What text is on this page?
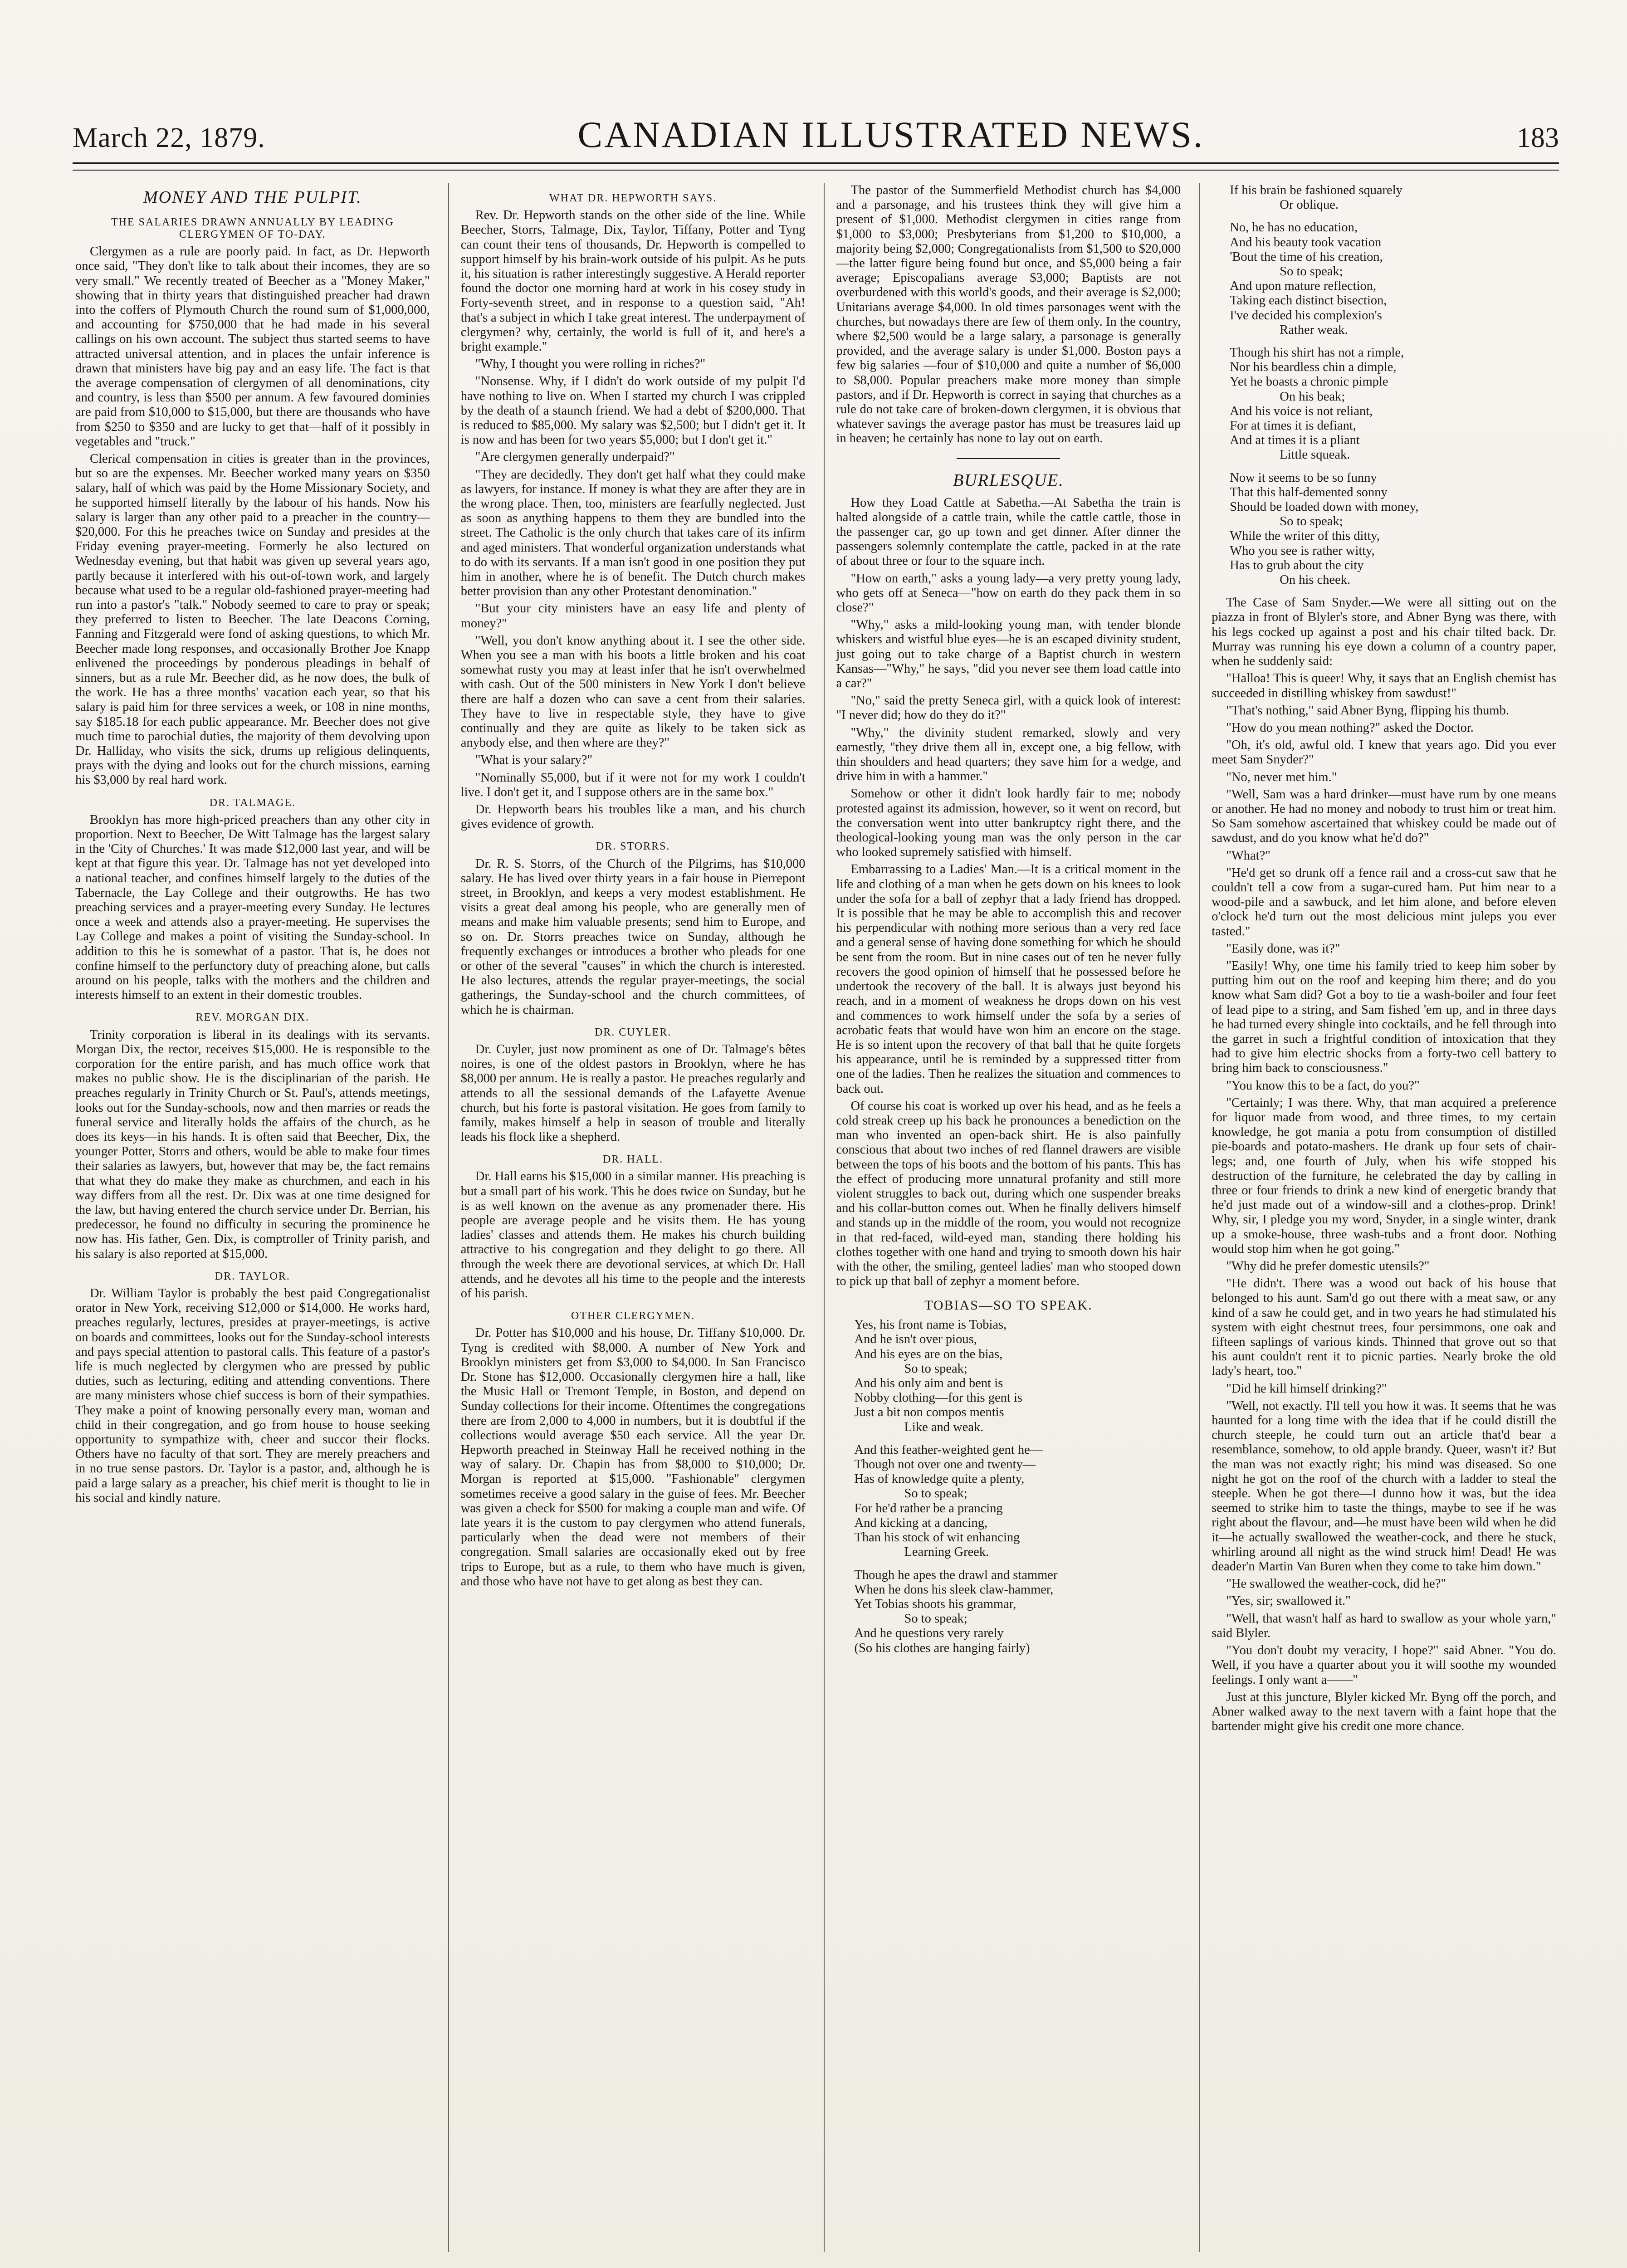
March 22, 1879.	CANADIAN ILLUSTRATED NEWS.	183
MONEY AND THE PULPIT.
THE SALARIES DRAWN ANNUALLY BY LEADING CLERGYMEN OF TO-DAY.

Clergymen as a rule are poorly paid. In fact, as Dr. Hepworth once said, "They don't like to talk about their incomes, they are so very small." We recently treated of Beecher as a "Money Maker," showing that in thirty years that distinguished preacher had drawn into the coffers of Plymouth Church the round sum of $1,000,000, and accounting for $750,000 that he had made in his several callings on his own account. The subject thus started seems to have attracted universal attention, and in places the unfair inference is drawn that ministers have big pay and an easy life. The fact is that the average compensation of clergymen of all denominations, city and country, is less than $500 per annum. A few favoured dominies are paid from $10,000 to $15,000, but there are thousands who have from $250 to $350 and are lucky to get that—half of it possibly in vegetables and "truck."

Clerical compensation in cities is greater than in the provinces, but so are the expenses. Mr. Beecher worked many years on $350 salary, half of which was paid by the Home Missionary Society, and he supported himself literally by the labour of his hands. Now his salary is larger than any other paid to a preacher in the country—$20,000. For this he preaches twice on Sunday and presides at the Friday evening prayer-meeting. Formerly he also lectured on Wednesday evening, but that habit was given up several years ago, partly because it interfered with his out-of-town work, and largely because what used to be a regular old-fashioned prayer-meeting had run into a pastor's "talk." Nobody seemed to care to pray or speak; they preferred to listen to Beecher. The late Deacons Corning, Fanning and Fitzgerald were fond of asking questions, to which Mr. Beecher made long responses, and occasionally Brother Joe Knapp enlivened the proceedings by ponderous pleadings in behalf of sinners, but as a rule Mr. Beecher did, as he now does, the bulk of the work. He has a three months' vacation each year, so that his salary is paid him for three services a week, or 108 in nine months, say $185.18 for each public appearance. Mr. Beecher does not give much time to parochial duties, the majority of them devolving upon Dr. Halliday, who visits the sick, drums up religious delinquents, prays with the dying and looks out for the church missions, earning his $3,000 by real hard work.

DR. TALMAGE.

Brooklyn has more high-priced preachers than any other city in proportion. Next to Beecher, De Witt Talmage has the largest salary in the 'City of Churches.' It was made $12,000 last year, and will be kept at that figure this year. Dr. Talmage has not yet developed into a national teacher, and confines himself largely to the duties of the Tabernacle, the Lay College and their outgrowths. He has two preaching services and a prayer-meeting every Sunday. He lectures once a week and attends also a prayer-meeting. He supervises the Lay College and makes a point of visiting the Sunday-school. In addition to this he is somewhat of a pastor. That is, he does not confine himself to the perfunctory duty of preaching alone, but calls around on his people, talks with the mothers and the children and interests himself to an extent in their domestic troubles.

REV. MORGAN DIX.

Trinity corporation is liberal in its dealings with its servants. Morgan Dix, the rector, receives $15,000. He is responsible to the corporation for the entire parish, and has much office work that makes no public show. He is the disciplinarian of the parish. He preaches regularly in Trinity Church or St. Paul's, attends meetings, looks out for the Sunday-schools, now and then marries or reads the funeral service and literally holds the affairs of the church, as he does its keys—in his hands. It is often said that Beecher, Dix, the younger Potter, Storrs and others, would be able to make four times their salaries as lawyers, but, however that may be, the fact remains that what they do make they make as churchmen, and each in his way differs from all the rest. Dr. Dix was at one time designed for the law, but having entered the church service under Dr. Berrian, his predecessor, he found no difficulty in securing the prominence he now has. His father, Gen. Dix, is comptroller of Trinity parish, and his salary is also reported at $15,000.

DR. TAYLOR.

Dr. William Taylor is probably the best paid Congregationalist orator in New York, receiving $12,000 or $14,000. He works hard, preaches regularly, lectures, presides at prayer-meetings, is active on boards and committees, looks out for the Sunday-school interests and pays special attention to pastoral calls. This feature of a pastor's life is much neglected by clergymen who are pressed by public duties, such as lecturing, editing and attending conventions. There are many ministers whose chief success is born of their sympathies. They make a point of knowing personally every man, woman and child in their congregation, and go from house to house seeking opportunity to sympathize with, cheer and succor their flocks. Others have no faculty of that sort. They are merely preachers and in no true sense pastors. Dr. Taylor is a pastor, and, although he is paid a large salary as a preacher, his chief merit is thought to lie in his social and kindly nature.

WHAT DR. HEPWORTH SAYS.

Rev. Dr. Hepworth stands on the other side of the line. While Beecher, Storrs, Talmage, Dix, Taylor, Tiffany, Potter and Tyng can count their tens of thousands, Dr. Hepworth is compelled to support himself by his brain-work outside of his pulpit. As he puts it, his situation is rather interestingly suggestive. A Herald reporter found the doctor one morning hard at work in his cosey study in Forty-seventh street, and in response to a question said, "Ah! that's a subject in which I take great interest. The underpayment of clergymen? why, certainly, the world is full of it, and here's a bright example."

"Why, I thought you were rolling in riches?"

"Nonsense. Why, if I didn't do work outside of my pulpit I'd have nothing to live on. When I started my church I was crippled by the death of a staunch friend. We had a debt of $200,000. That is reduced to $85,000. My salary was $2,500; but I didn't get it. It is now and has been for two years $5,000; but I don't get it."

"Are clergymen generally underpaid?"

"They are decidedly. They don't get half what they could make as lawyers, for instance. If money is what they are after they are in the wrong place. Then, too, ministers are fearfully neglected. Just as soon as anything happens to them they are bundled into the street. The Catholic is the only church that takes care of its infirm and aged ministers. That wonderful organization understands what to do with its servants. If a man isn't good in one position they put him in another, where he is of benefit. The Dutch church makes better provision than any other Protestant denomination."

"But your city ministers have an easy life and plenty of money?"

"Well, you don't know anything about it. I see the other side. When you see a man with his boots a little broken and his coat somewhat rusty you may at least infer that he isn't overwhelmed with cash. Out of the 500 ministers in New York I don't believe there are half a dozen who can save a cent from their salaries. They have to live in respectable style, they have to give continually and they are quite as likely to be taken sick as anybody else, and then where are they?"

"What is your salary?"

"Nominally $5,000, but if it were not for my work I couldn't live. I don't get it, and I suppose others are in the same box."

Dr. Hepworth bears his troubles like a man, and his church gives evidence of growth.

DR. STORRS.

Dr. R. S. Storrs, of the Church of the Pilgrims, has $10,000 salary. He has lived over thirty years in a fair house in Pierrepont street, in Brooklyn, and keeps a very modest establishment. He visits a great deal among his people, who are generally men of means and make him valuable presents; send him to Europe, and so on. Dr. Storrs preaches twice on Sunday, although he frequently exchanges or introduces a brother who pleads for one or other of the several "causes" in which the church is interested. He also lectures, attends the regular prayer-meetings, the social gatherings, the Sunday-school and the church committees, of which he is chairman.

DR. CUYLER.

Dr. Cuyler, just now prominent as one of Dr. Talmage's bêtes noires, is one of the oldest pastors in Brooklyn, where he has $8,000 per annum. He is really a pastor. He preaches regularly and attends to all the sessional demands of the Lafayette Avenue church, but his forte is pastoral visitation. He goes from family to family, makes himself a help in season of trouble and literally leads his flock like a shepherd.

DR. HALL.

Dr. Hall earns his $15,000 in a similar manner. His preaching is but a small part of his work. This he does twice on Sunday, but he is as well known on the avenue as any promenader there. His people are average people and he visits them. He has young ladies' classes and attends them. He makes his church building attractive to his congregation and they delight to go there. All through the week there are devotional services, at which Dr. Hall attends, and he devotes all his time to the people and the interests of his parish.

OTHER CLERGYMEN.

Dr. Potter has $10,000 and his house, Dr. Tiffany $10,000. Dr. Tyng is credited with $8,000. A number of New York and Brooklyn ministers get from $3,000 to $4,000. In San Francisco Dr. Stone has $12,000. Occasionally clergymen hire a hall, like the Music Hall or Tremont Temple, in Boston, and depend on Sunday collections for their income. Oftentimes the congregations there are from 2,000 to 4,000 in numbers, but it is doubtful if the collections would average $50 each service. All the year Dr. Hepworth preached in Steinway Hall he received nothing in the way of salary. Dr. Chapin has from $8,000 to $10,000; Dr. Morgan is reported at $15,000. "Fashionable" clergymen sometimes receive a good salary in the guise of fees. Mr. Beecher was given a check for $500 for making a couple man and wife. Of late years it is the custom to pay clergymen who attend funerals, particularly when the dead were not members of their congregation. Small salaries are occasionally eked out by free trips to Europe, but as a rule, to them who have much is given, and those who have not have to get along as best they can.

The pastor of the Summerfield Methodist church has $4,000 and a parsonage, and his trustees think they will give him a present of $1,000. Methodist clergymen in cities range from $1,000 to $3,000; Presbyterians from $1,200 to $10,000, a majority being $2,000; Congregationalists from $1,500 to $20,000—the latter figure being found but once, and $5,000 being a fair average; Episcopalians average $3,000; Baptists are not overburdened with this world's goods, and their average is $2,000; Unitarians average $4,000. In old times parsonages went with the churches, but nowadays there are few of them only. In the country, where $2,500 would be a large salary, a parsonage is generally provided, and the average salary is under $1,000. Boston pays a few big salaries —four of $10,000 and quite a number of $6,000 to $8,000. Popular preachers make more money than simple pastors, and if Dr. Hepworth is correct in saying that churches as a rule do not take care of broken-down clergymen, it is obvious that whatever savings the average pastor has must be treasures laid up in heaven; he certainly has none to lay out on earth.

BURLESQUE.

How they Load Cattle at Sabetha.—At Sabetha the train is halted alongside of a cattle train, while the cattle cattle, those in the passenger car, go up town and get dinner. After dinner the passengers solemnly contemplate the cattle, packed in at the rate of about three or four to the square inch.

"How on earth," asks a young lady—a very pretty young lady, who gets off at Seneca—"how on earth do they pack them in so close?"

"Why," asks a mild-looking young man, with tender blonde whiskers and wistful blue eyes—he is an escaped divinity student, just going out to take charge of a Baptist church in western Kansas—"Why," he says, "did you never see them load cattle into a car?"

"No," said the pretty Seneca girl, with a quick look of interest: "I never did; how do they do it?"

"Why," the divinity student remarked, slowly and very earnestly, "they drive them all in, except one, a big fellow, with thin shoulders and head quarters; they save him for a wedge, and drive him in with a hammer."

Somehow or other it didn't look hardly fair to me; nobody protested against its admission, however, so it went on record, but the conversation went into utter bankruptcy right there, and the theological-looking young man was the only person in the car who looked supremely satisfied with himself.

Embarrassing to a Ladies' Man.—It is a critical moment in the life and clothing of a man when he gets down on his knees to look under the sofa for a ball of zephyr that a lady friend has dropped. It is possible that he may be able to accomplish this and recover his perpendicular with nothing more serious than a very red face and a general sense of having done something for which he should be sent from the room. But in nine cases out of ten he never fully recovers the good opinion of himself that he possessed before he undertook the recovery of the ball. It is always just beyond his reach, and in a moment of weakness he drops down on his vest and commences to work himself under the sofa by a series of acrobatic feats that would have won him an encore on the stage. He is so intent upon the recovery of that ball that he quite forgets his appearance, until he is reminded by a suppressed titter from one of the ladies. Then he realizes the situation and commences to back out.

Of course his coat is worked up over his head, and as he feels a cold streak creep up his back he pronounces a benediction on the man who invented an open-back shirt. He is also painfully conscious that about two inches of red flannel drawers are visible between the tops of his boots and the bottom of his pants. This has the effect of producing more unnatural profanity and still more violent struggles to back out, during which one suspender breaks and his collar-button comes out. When he finally delivers himself and stands up in the middle of the room, you would not recognize in that red-faced, wild-eyed man, standing there holding his clothes together with one hand and trying to smooth down his hair with the other, the smiling, genteel ladies' man who stooped down to pick up that ball of zephyr a moment before.

TOBIAS—SO TO SPEAK.
Yes, his front name is Tobias,
And he isn't over pious,
And his eyes are on the bias,
So to speak;
And his only aim and bent is
Nobby clothing—for this gent is
Just a bit non compos mentis
Like and weak.
And this feather-weighted gent he—
Though not over one and twenty—
Has of knowledge quite a plenty,
So to speak;
For he'd rather be a prancing
And kicking at a dancing,
Than his stock of wit enhancing
Learning Greek.
Though he apes the drawl and stammer
When he dons his sleek claw-hammer,
Yet Tobias shoots his grammar,
So to speak;
And he questions very rarely
(So his clothes are hanging fairly)
If his brain be fashioned squarely
Or oblique.
No, he has no education,
And his beauty took vacation
'Bout the time of his creation,
So to speak;
And upon mature reflection,
Taking each distinct bisection,
I've decided his complexion's
Rather weak.
Though his shirt has not a rimple,
Nor his beardless chin a dimple,
Yet he boasts a chronic pimple
On his beak;
And his voice is not reliant,
For at times it is defiant,
And at times it is a pliant
Little squeak.
Now it seems to be so funny
That this half-demented sonny
Should be loaded down with money,
So to speak;
While the writer of this ditty,
Who you see is rather witty,
Has to grub about the city
On his cheek.

The Case of Sam Snyder.—We were all sitting out on the piazza in front of Blyler's store, and Abner Byng was there, with his legs cocked up against a post and his chair tilted back. Dr. Murray was running his eye down a column of a country paper, when he suddenly said:

"Halloa! This is queer! Why, it says that an English chemist has succeeded in distilling whiskey from sawdust!"

"That's nothing," said Abner Byng, flipping his thumb.

"How do you mean nothing?" asked the Doctor.

"Oh, it's old, awful old. I knew that years ago. Did you ever meet Sam Snyder?"

"No, never met him."

"Well, Sam was a hard drinker—must have rum by one means or another. He had no money and nobody to trust him or treat him. So Sam somehow ascertained that whiskey could be made out of sawdust, and do you know what he'd do?"

"What?"

"He'd get so drunk off a fence rail and a cross-cut saw that he couldn't tell a cow from a sugar-cured ham. Put him near to a wood-pile and a sawbuck, and let him alone, and before eleven o'clock he'd turn out the most delicious mint juleps you ever tasted."

"Easily done, was it?"

"Easily! Why, one time his family tried to keep him sober by putting him out on the roof and keeping him there; and do you know what Sam did? Got a boy to tie a wash-boiler and four feet of lead pipe to a string, and Sam fished 'em up, and in three days he had turned every shingle into cocktails, and he fell through into the garret in such a frightful condition of intoxication that they had to give him electric shocks from a forty-two cell battery to bring him back to consciousness."

"You know this to be a fact, do you?"

"Certainly; I was there. Why, that man acquired a preference for liquor made from wood, and three times, to my certain knowledge, he got mania a potu from consumption of distilled pie-boards and potato-mashers. He drank up four sets of chair-legs; and, one fourth of July, when his wife stopped his destruction of the furniture, he celebrated the day by calling in three or four friends to drink a new kind of energetic brandy that he'd just made out of a window-sill and a clothes-prop. Drink! Why, sir, I pledge you my word, Snyder, in a single winter, drank up a smoke-house, three wash-tubs and a front door. Nothing would stop him when he got going."

"Why did he prefer domestic utensils?"

"He didn't. There was a wood out back of his house that belonged to his aunt. Sam'd go out there with a meat saw, or any kind of a saw he could get, and in two years he had stimulated his system with eight chestnut trees, four persimmons, one oak and fifteen saplings of various kinds. Thinned that grove out so that his aunt couldn't rent it to picnic parties. Nearly broke the old lady's heart, too."

"Did he kill himself drinking?"

"Well, not exactly. I'll tell you how it was. It seems that he was haunted for a long time with the idea that if he could distill the church steeple, he could turn out an article that'd bear a resemblance, somehow, to old apple brandy. Queer, wasn't it? But the man was not exactly right; his mind was diseased. So one night he got on the roof of the church with a ladder to steal the steeple. When he got there—I dunno how it was, but the idea seemed to strike him to taste the things, maybe to see if he was right about the flavour, and—he must have been wild when he did it—he actually swallowed the weather-cock, and there he stuck, whirling around all night as the wind struck him! Dead! He was deader'n Martin Van Buren when they come to take him down."

"He swallowed the weather-cock, did he?"

"Yes, sir; swallowed it."

"Well, that wasn't half as hard to swallow as your whole yarn," said Blyler.

"You don't doubt my veracity, I hope?" said Abner. "You do. Well, if you have a quarter about you it will soothe my wounded feelings. I only want a——"

Just at this juncture, Blyler kicked Mr. Byng off the porch, and Abner walked away to the next tavern with a faint hope that the bartender might give his credit one more chance.
